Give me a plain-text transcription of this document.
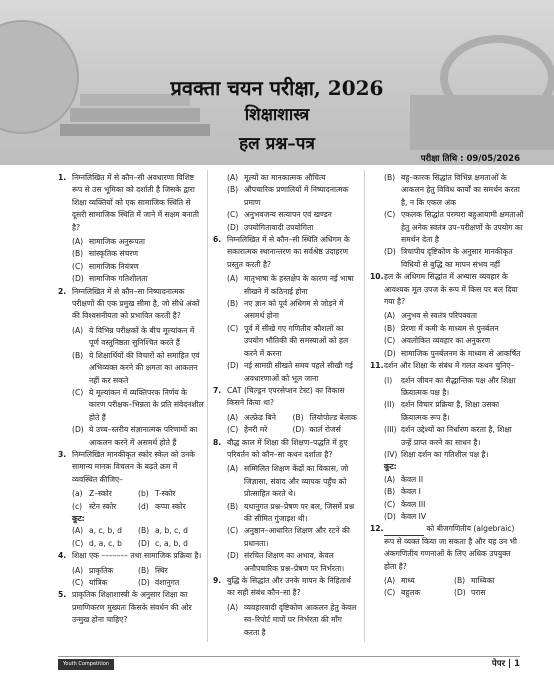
प्रवक्ता चयन परीक्षा, 2026
शिक्षाशास्त्र
हल प्रश्न–पत्र
परीक्षा तिथि : 09/05/2026
1. निम्नलिखित में से कौन–सी अवधारणा विशिष्ट रूप से उस भूमिका को दर्शाती है जिसके द्वारा शिक्षा व्यक्तियों को एक सामाजिक स्थिति से दूसरी सामाजिक स्थिति में जाने में सक्षम बनाती है?
(A) सामाजिक अनुरूपता
(B) सांस्कृतिक संचरण
(C) सामाजिक नियंत्रण
(D) सामाजिक गतिशीलता
2. निम्नलिखित में से कौन–सा निष्पादनात्मक परीक्षणों की एक प्रमुख सीमा है, जो सीधे अंकों की विश्वसनीयता को प्रभावित करती है?
(A) ये विभिन्न परीक्षकों के बीच मूल्यांकन में पूर्ण वस्तुनिष्ठता सुनिश्चित करते हैं
(B) ये शिक्षार्थियों की विचारों को समाहित एवं अभिव्यक्त करने की क्षमता का आकलन नहीं कर सकते
(C) ये मूल्यांकन में व्यक्तिपरक निर्णय के कारण परीक्षक–भिन्नता के प्रति संवेदनशील होते हैं
(D) ये उच्च–स्तरीय संज्ञानात्मक परिणामों का आकलन करने में असमर्थ होते हैं
3. निम्नलिखित मानकीकृत स्कोर स्केल को उनके सामान्य मानक विचलन के बढ़ते क्रम में व्यवस्थित कीजिए–
(a) Z–स्कोर	(b) T-स्कोर
(c) स्टेन स्कोर	(d) कप्पा स्कोर
कूट:
(A) a, c, b, d (B) a, b, c, d
(C) d, a, c, b (D) c, a, b, d
4. शिक्षा एक ––––––– तथा सामाजिक प्रक्रिया है।
(A) प्राकृतिक	(B) स्थिर
(C) यांत्रिक	(D) वंशानुगत
5. प्राकृतिक शिक्षाशास्त्री के अनुसार शिक्षा का प्रमाणिकरण मुख्यतः किसके संवर्धन की ओर उन्मुख होना चाहिए?
(A) मूल्यों का मानकात्मक औचित्य
(B) औपचारिक प्रणालियों में निष्पादनात्मक प्रमाण
(C) अनुभवजन्य सत्यापन एवं खण्डन
(D) उपयोगितावादी उपयोगिता
6. निम्नलिखित में से कौन–सी स्थिति अधिगम के सकारात्मक स्थानान्तरण का सर्वश्रेष्ठ उदाहरण प्रस्तुत करती है?
(A) मातृभाषा के हस्तक्षेप के कारण नई भाषा सीखने में कठिनाई होना
(B) नए ज्ञान को पूर्व अधिगम से जोड़ने में असमर्थ होना
(C) पूर्व में सीखे गए गणितीय कौशलों का उपयोग भौतिकी की समस्याओं को हल करने में करना
(D) नई सामग्री सीखते समय पहले सीखी गई अवधारणाओं को भूल जाना
7. CAT (चिल्ड्रन एपरसेप्शन टेस्ट) का विकास किसने किया था?
(A) अल्फ्रेड बिने (B) लियोपोल्ड बेलाक
(C) हेनरी मरे	(D) कार्ल रोजर्स
8. बौद्ध काल में शिक्षा की शिक्षण–पद्धति में हुए परिवर्तन को कौन–सा कथन दर्शाता है?
(A) सम्मिलित शिक्षण केंद्रों का विकास, जो जिज्ञासा, संवाद और व्यापक पहुँच को प्रोत्साहित करते थे।
(B) यथानुगत प्रश्न–प्रेषण पर बल, जिसमें प्रश्न की सीमित गुंजाइश थी।
(C) अनुष्ठान–आधारित शिक्षण और रटने की प्रधानता।
(D) संरचित शिक्षण का अभाव, केवल अनौपचारिक प्रश्न–प्रेषण पर निर्भरता।
9. बुद्धि के सिद्धांत और उनके मापन के निहितार्थ का सही संबंध कौन–सा है?
(A) व्यवहारवादी दृष्टिकोण आकलन हेतु केवल स्व–रिपोर्ट मापों पर निर्भरता की माँग करता है
(B) बहु–कारक सिद्धांत विभिन्न क्षमताओं के आकलन हेतु विविध कार्यों का समर्थन करता है, न कि एकल अंक
(C) एकलक सिद्धांत परम्परा बहुआयामी क्षमताओं हेतु अनेक स्वतंत्र उप–परीक्षणों के उपयोग का समर्थन देता है
(D) त्रिचापीय दृष्टिकोण के अनुसार मानकीकृत विधियों से बुद्धि का मापन संभव नहीं
10. हल के अधिगम सिद्धांत में अभ्यास व्यवहार के आवश्यक मूल उपज के रूप में किस पर बल दिया गया है?
(A) अनुभव से स्वतंत्र परिपक्वता
(B) प्रेरणा में कमी के माध्यम से पुनर्बलन
(C) अवलोकित व्यवहार का अनुकरण
(D) सामाजिक पुनर्बलनम के माध्यम से आकर्षित
11. दर्शन और शिक्षा के संबंध में गलत कथन चुनिए–
(I)	दर्शन जीवन का सैद्धान्तिक पक्ष और शिक्षा क्रियात्मक पक्ष है।
(II) दर्शन विचार प्रक्रिया है, शिक्षा उसका क्रियात्मक रूप है।
(III) दर्शन उद्देश्यों का निर्धारण करता है, शिक्षा उन्हें प्राप्त करने का साधन है।
(IV) शिक्षा दर्शन का गतिशील पक्ष है।
कूट:
(A) केवल II
(B) केवल I
(C) केवल III
(D) केवल IV
12.	को बीजगणितीय (algebraic) रूप से व्यक्त किया जा सकता है और यह उन भी अंकगणितीय गणनाओं के लिए अधिक उपयुक्त होता है?
(A) माध्य	(B) माध्यिका
(C) बहुलक	(D) परास
Youth Competition Times
पेपर | 1
